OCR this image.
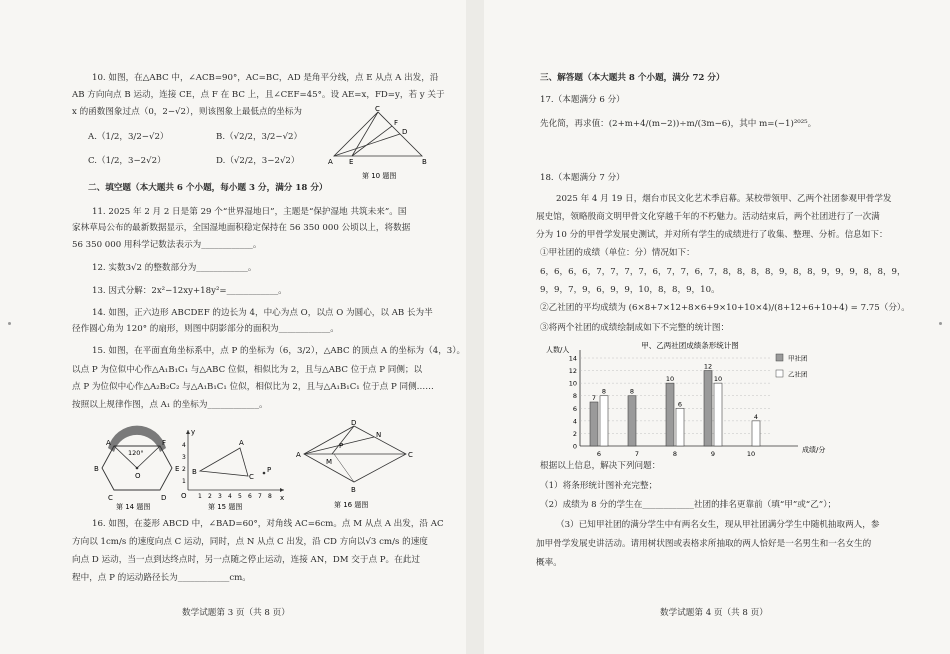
10. 如图，在△ABC 中，∠ACB=90°，AC=BC，AD 是角平分线，点 E 从点 A 出发，沿
AB 方向向点 B 运动，连接 CE，点 F 在 BC 上，且∠CEF=45°。设 AE=x，FD=y，若 y 关于
x 的函数图象过点（0，2−√2），则该图象上最低点的坐标为
A.（1/2，3/2−√2）	B.（√2/2，3/2−√2）
C.（1/2，3−2√2）	D.（√2/2，3−2√2）
C
F
D
A E	B
第 10 题图
二、填空题（本大题共 6 个小题，每小题 3 分，满分 18 分）
11. 2025 年 2 月 2 日是第 29 个“世界湿地日”，主题是“保护湿地 共筑未来”。国
家林草局公布的最新数据显示，全国湿地面积稳定保持在 56 350 000 公顷以上，将数据
56 350 000 用科学记数法表示为____________。
12. 实数3√2 的整数部分为____________。
13. 因式分解：2x²−12xy+18y²=____________。
14. 如图，正六边形 ABCDEF 的边长为 4，中心为点 O，以点 O 为圆心，以 AB 长为半
径作圆心角为 120° 的扇形，则图中阴影部分的面积为____________。
15. 如图，在平面直角坐标系中，点 P 的坐标为（6，3/2），△ABC 的顶点 A 的坐标为（4，3）。
以点 P 为位似中心作△A₁B₁C₁ 与△ABC 位似，相似比为 2，且与△ABC 位于点 P 同侧；以
点 P 为位似中心作△A₂B₂C₂ 与△A₁B₁C₁ 位似，相似比为 2，且与△A₁B₁C₁ 位于点 P 同侧……
按照以上规律作图，点 A₁ 的坐标为____________。
120°
A
B
C	D
E
F
O
第 14 题图
y
x
O
A
B
C
P
1 2 3 4 5 6 7 8
1
2
3
4
第 15 题图
A
B
C
D
M
N
P
第 16 题图
16. 如图，在菱形 ABCD 中，∠BAD=60°，对角线 AC=6cm。点 M 从点 A 出发，沿 AC
方向以 1cm/s 的速度向点 C 运动，同时，点 N 从点 C 出发，沿 CD 方向以√3 cm/s 的速度
向点 D 运动，当一点到达终点时，另一点随之停止运动，连接 AN，DM 交于点 P。在此过
程中，点 P 的运动路径长为____________cm。
数学试题第 3 页（共 8 页）
三、解答题（本大题共 8 个小题，满分 72 分）
17.（本题满分 6 分）
先化简，再求值：(2+m+4/(m−2))÷m/(3m−6)，其中 m=(−1)²⁰²⁵。
18.（本题满分 7 分）
2025 年 4 月 19 日，烟台市民文化艺术季启幕。某校带领甲、乙两个社团参观甲骨学发
展史馆，领略殷商文明甲骨文化穿越千年的不朽魅力。活动结束后，两个社团进行了一次满
分为 10 分的甲骨学发展史测试，并对所有学生的成绩进行了收集、整理、分析。信息如下：
①甲社团的成绩（单位：分）情况如下：
6，6，6，6，7，7，7，7，6，7，7，6，7，8，8，8，8，9，8，8，9，9，9，8，8，9，
9，9，7，9，6，9，9，10，8，8，9，10。
②乙社团的平均成绩为 (6×8+7×12+8×6+9×10+10×4)/(8+12+6+10+4) = 7.75（分）。
③将两个社团的成绩绘制成如下不完整的统计图：
甲、乙两社团成绩条形统计图
人数/人
成绩/分
2
4
6
8
10
12
14
0
6	7	8	9	10
7
8	8
10
6
12
10
4
甲社团
乙社团
根据以上信息，解决下列问题：
（1）将条形统计图补充完整；
（2）成绩为 8 分的学生在____________社团的排名更靠前（填“甲”或“乙”）；
（3）已知甲社团的满分学生中有两名女生，现从甲社团满分学生中随机抽取两人，参
加甲骨学发展史讲活动。请用树状图或表格求所抽取的两人恰好是一名男生和一名女生的
概率。
数学试题第 4 页（共 8 页）
